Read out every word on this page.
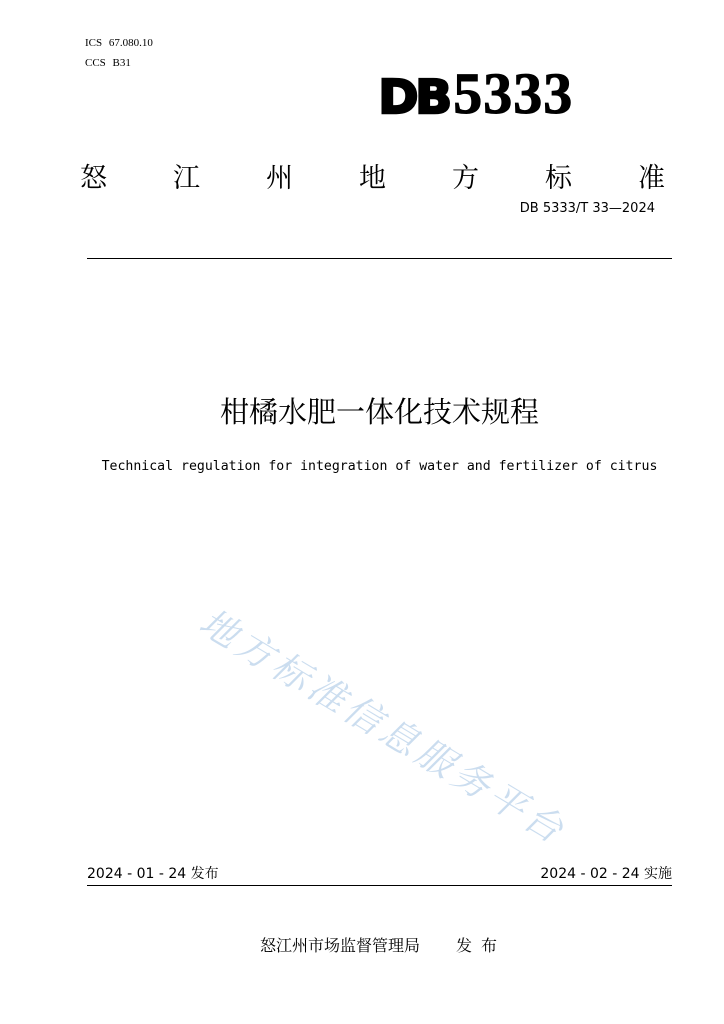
ICS 67.080.10
CCS B31
DB 5333
怒 江 州 地 方 标 准
DB 5333/T 33—2024
柑橘水肥一体化技术规程
Technical regulation for integration of water and fertilizer of citrus
地方标准信息服务平台
2024 - 01 - 24 发布	2024 - 02 - 24 实施
怒江州市场监督管理局 发 布
